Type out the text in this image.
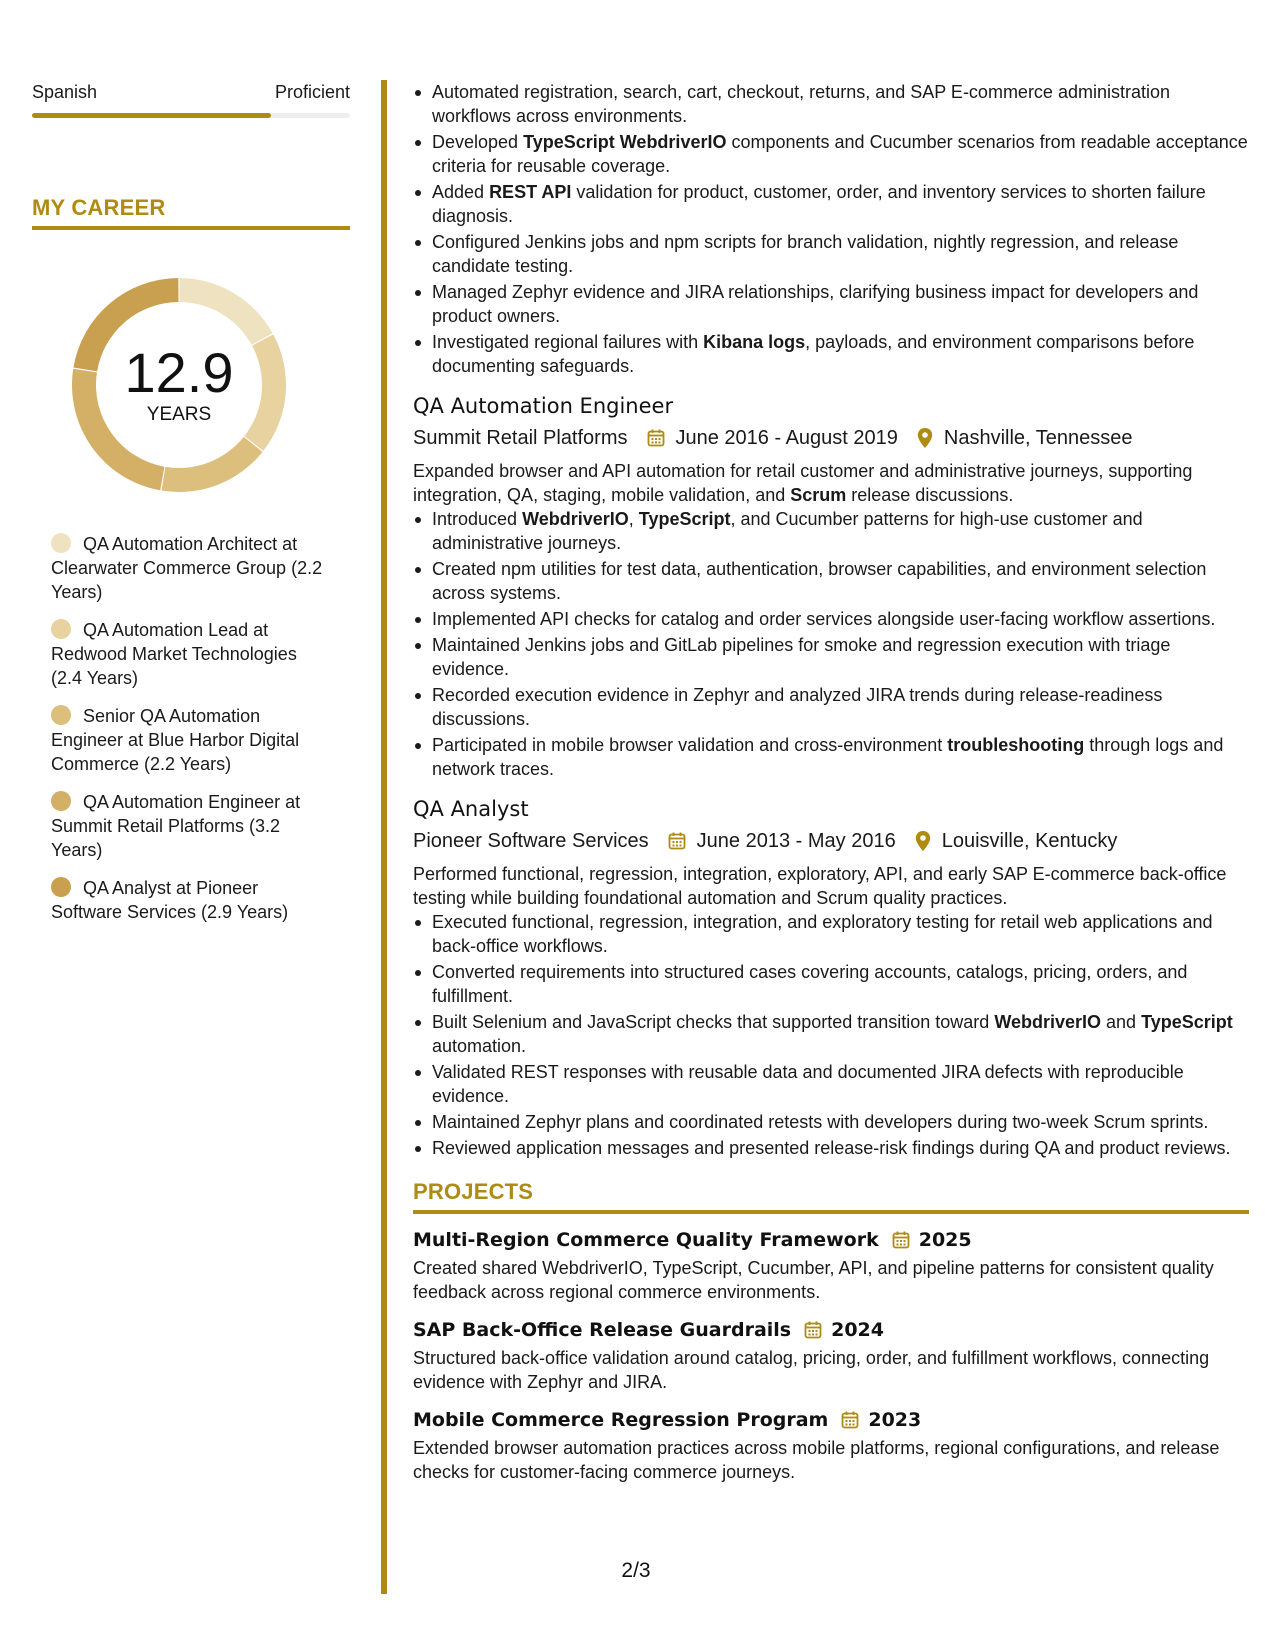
Spanish	Proficient
MY CAREER
12.9
YEARS
QA Automation Architect at Clearwater Commerce Group (2.2 Years)
QA Automation Lead at Redwood Market Technologies (2.4 Years)
Senior QA Automation Engineer at Blue Harbor Digital Commerce (2.2 Years)
QA Automation Engineer at Summit Retail Platforms (3.2 Years)
QA Analyst at Pioneer Software Services (2.9 Years)
Automated registration, search, cart, checkout, returns, and SAP E-commerce administration workflows across environments.
Developed TypeScript WebdriverIO components and Cucumber scenarios from readable acceptance criteria for reusable coverage.
Added REST API validation for product, customer, order, and inventory services to shorten failure diagnosis.
Configured Jenkins jobs and npm scripts for branch validation, nightly regression, and release candidate testing.
Managed Zephyr evidence and JIRA relationships, clarifying business impact for developers and product owners.
Investigated regional failures with Kibana logs, payloads, and environment comparisons before documenting safeguards.
QA Automation Engineer
Summit Retail Platforms June 2016 - August 2019 Nashville, Tennessee
Expanded browser and API automation for retail customer and administrative journeys, supporting integration, QA, staging, mobile validation, and Scrum release discussions.
Introduced WebdriverIO, TypeScript, and Cucumber patterns for high-use customer and administrative journeys.
Created npm utilities for test data, authentication, browser capabilities, and environment selection across systems.
Implemented API checks for catalog and order services alongside user-facing workflow assertions.
Maintained Jenkins jobs and GitLab pipelines for smoke and regression execution with triage evidence.
Recorded execution evidence in Zephyr and analyzed JIRA trends during release-readiness discussions.
Participated in mobile browser validation and cross-environment troubleshooting through logs and network traces.
QA Analyst
Pioneer Software Services June 2013 - May 2016 Louisville, Kentucky
Performed functional, regression, integration, exploratory, API, and early SAP E-commerce back-office testing while building foundational automation and Scrum quality practices.
Executed functional, regression, integration, and exploratory testing for retail web applications and back-office workflows.
Converted requirements into structured cases covering accounts, catalogs, pricing, orders, and fulfillment.
Built Selenium and JavaScript checks that supported transition toward WebdriverIO and TypeScript automation.
Validated REST responses with reusable data and documented JIRA defects with reproducible evidence.
Maintained Zephyr plans and coordinated retests with developers during two-week Scrum sprints.
Reviewed application messages and presented release-risk findings during QA and product reviews.
PROJECTS
Multi-Region Commerce Quality Framework 2025
Created shared WebdriverIO, TypeScript, Cucumber, API, and pipeline patterns for consistent quality feedback across regional commerce environments.
SAP Back-Office Release Guardrails 2024
Structured back-office validation around catalog, pricing, order, and fulfillment workflows, connecting evidence with Zephyr and JIRA.
Mobile Commerce Regression Program 2023
Extended browser automation practices across mobile platforms, regional configurations, and release checks for customer-facing commerce journeys.
2/3
